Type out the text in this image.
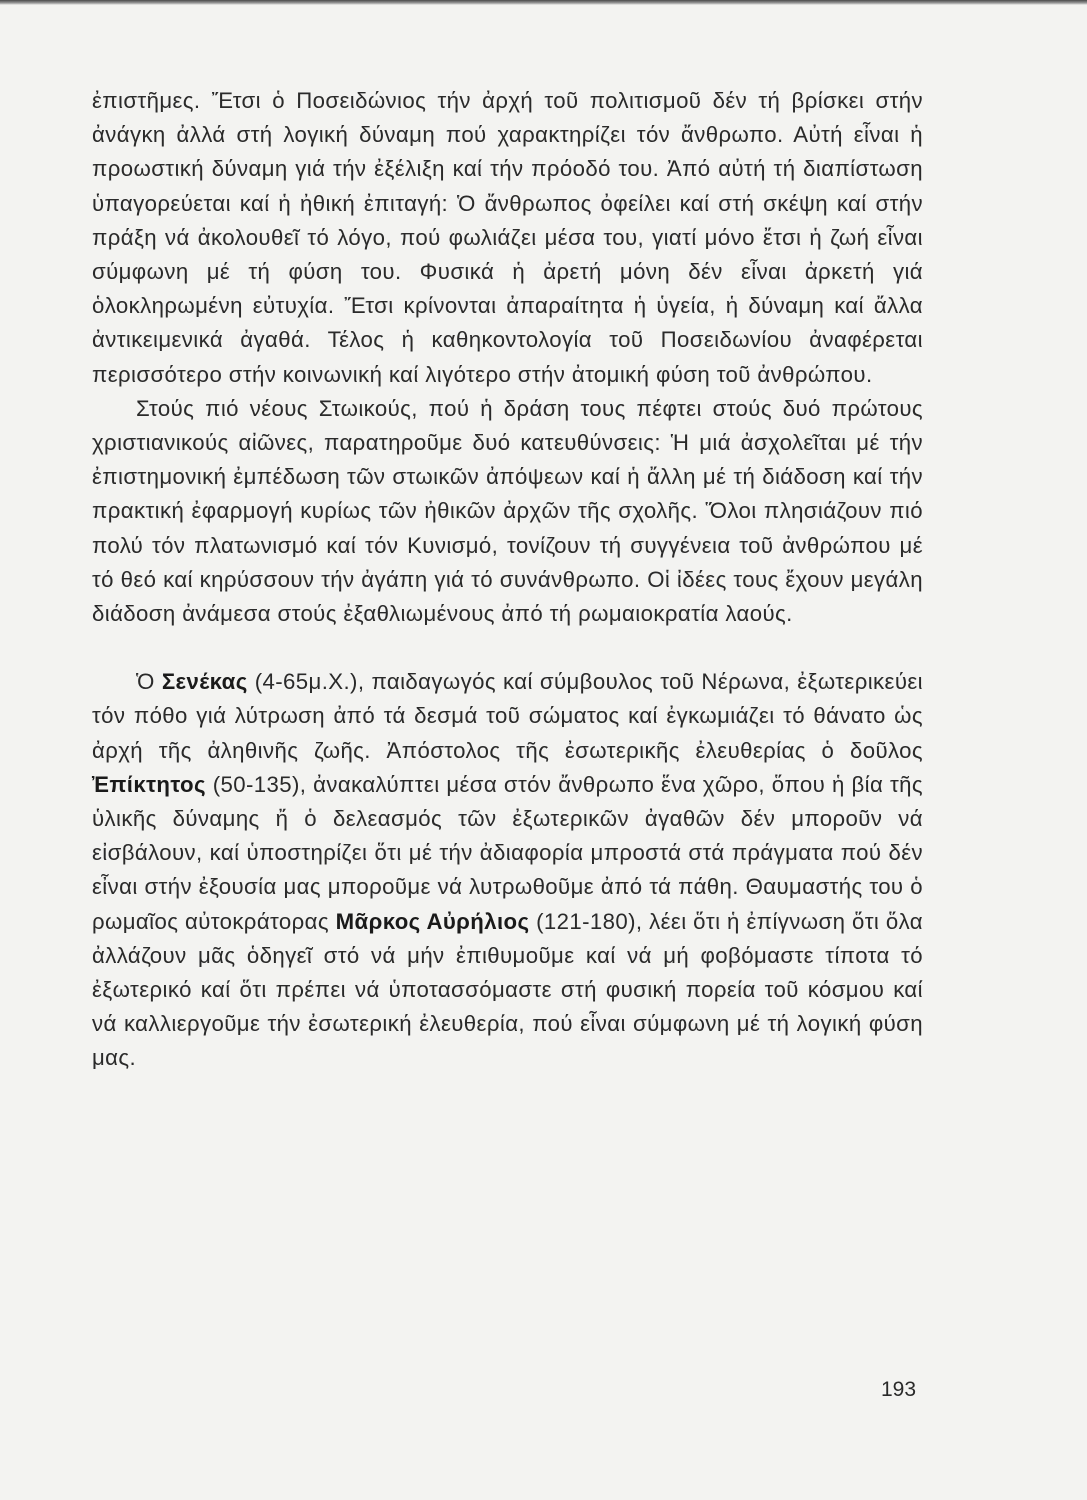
ἐπιστῆμες. Ἔτσι ὁ Ποσειδώνιος τήν ἀρχή τοῦ πολιτισμοῦ δέν τή βρίσκει στήν ἀνάγκη ἀλλά στή λογική δύναμη πού χαρακτηρίζει τόν ἄνθρωπο. Αὐτή εἶναι ἡ προωστική δύναμη γιά τήν ἐξέλιξη καί τήν πρόοδό του. Ἀπό αὐτή τή διαπίστωση ὑπαγορεύεται καί ἡ ἠθική ἐπιταγή: Ὁ ἄνθρωπος ὀφείλει καί στή σκέψη καί στήν πράξη νά ἀκολουθεῖ τό λόγο, πού φωλιάζει μέσα του, γιατί μόνο ἔτσι ἡ ζωή εἶναι σύμφωνη μέ τή φύση του. Φυσικά ἡ ἀρετή μόνη δέν εἶναι ἀρκετή γιά ὁλοκληρωμένη εὐτυχία. Ἔτσι κρίνονται ἀπαραίτητα ἡ ὑγεία, ἡ δύναμη καί ἄλλα ἀντικειμενικά ἀγαθά. Τέλος ἡ καθηκοντολογία τοῦ Ποσειδωνίου ἀναφέρεται περισσότερο στήν κοινωνική καί λιγότερο στήν ἀτομική φύση τοῦ ἀνθρώπου.

Στούς πιό νέους Στωικούς, πού ἡ δράση τους πέφτει στούς δυό πρώτους χριστιανικούς αἰῶνες, παρατηροῦμε δυό κατευθύνσεις: Ἡ μιά ἀσχολεῖται μέ τήν ἐπιστημονική ἐμπέδωση τῶν στωικῶν ἀπόψεων καί ἡ ἄλλη μέ τή διάδοση καί τήν πρακτική ἐφαρμογή κυρίως τῶν ἠθικῶν ἀρχῶν τῆς σχολῆς. Ὅλοι πλησιάζουν πιό πολύ τόν πλατωνισμό καί τόν Κυνισμό, τονίζουν τή συγγένεια τοῦ ἀνθρώπου μέ τό θεό καί κηρύσσουν τήν ἀγάπη γιά τό συνάνθρωπο. Οἱ ἰδέες τους ἔχουν μεγάλη διάδοση ἀνάμεσα στούς ἐξαθλιωμένους ἀπό τή ρωμαιοκρατία λαούς.

Ὁ Σενέκας (4-65μ.Χ.), παιδαγωγός καί σύμβουλος τοῦ Νέρωνα, ἐξωτερικεύει τόν πόθο γιά λύτρωση ἀπό τά δεσμά τοῦ σώματος καί ἐγκωμιάζει τό θάνατο ὡς ἀρχή τῆς ἀληθινῆς ζωῆς. Ἀπόστολος τῆς ἐσωτερικῆς ἐλευθερίας ὁ δοῦλος Ἐπίκτητος (50-135), ἀνακαλύπτει μέσα στόν ἄνθρωπο ἕνα χῶρο, ὅπου ἡ βία τῆς ὑλικῆς δύναμης ἤ ὁ δελεασμός τῶν ἐξωτερικῶν ἀγαθῶν δέν μποροῦν νά εἰσβάλουν, καί ὑποστηρίζει ὅτι μέ τήν ἀδιαφορία μπροστά στά πράγματα πού δέν εἶναι στήν ἐξουσία μας μποροῦμε νά λυτρωθοῦμε ἀπό τά πάθη. Θαυμαστής του ὁ ρωμαῖος αὐτοκράτορας Μᾶρκος Αὐρήλιος (121-180), λέει ὅτι ἡ ἐπίγνωση ὅτι ὅλα ἀλλάζουν μᾶς ὁδηγεῖ στό νά μήν ἐπιθυμοῦμε καί νά μή φοβόμαστε τίποτα τό ἐξωτερικό καί ὅτι πρέπει νά ὑποτασσόμαστε στή φυσική πορεία τοῦ κόσμου καί νά καλλιεργοῦμε τήν ἐσωτερική ἐλευθερία, πού εἶναι σύμφωνη μέ τή λογική φύση μας.

193
